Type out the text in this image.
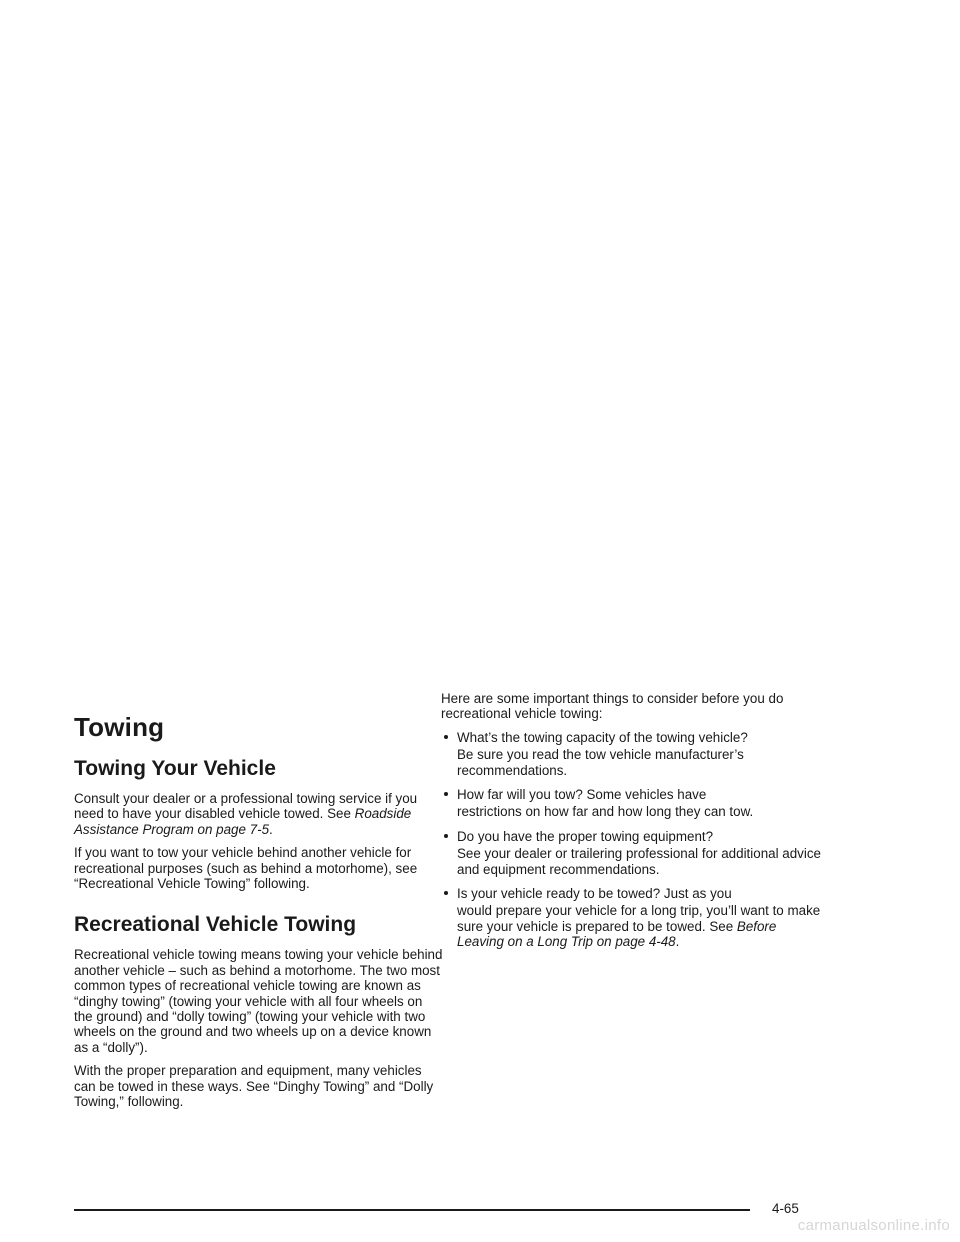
Towing
Towing Your Vehicle

Consult your dealer or a professional towing service if you need to have your disabled vehicle towed. See Roadside Assistance Program on page 7-5.

If you want to tow your vehicle behind another vehicle for recreational purposes (such as behind a motorhome), see “Recreational Vehicle Towing” following.

Recreational Vehicle Towing

Recreational vehicle towing means towing your vehicle behind another vehicle – such as behind a motorhome. The two most common types of recreational vehicle towing are known as “dinghy towing” (towing your vehicle with all four wheels on the ground) and “dolly towing” (towing your vehicle with two wheels on the ground and two wheels up on a device known as a “dolly”).

With the proper preparation and equipment, many vehicles can be towed in these ways. See “Dinghy Towing” and “Dolly Towing,” following.

Here are some important things to consider before you do recreational vehicle towing:

What’s the towing capacity of the towing vehicle?

Be sure you read the tow vehicle manufacturer’s recommendations.

How far will you tow? Some vehicles have

restrictions on how far and how long they can tow.

Do you have the proper towing equipment?

See your dealer or trailering professional for additional advice and equipment recommendations.

Is your vehicle ready to be towed? Just as you

would prepare your vehicle for a long trip, you’ll want to make sure your vehicle is prepared to be towed. See Before Leaving on a Long Trip on page 4-48.

4-65
carmanualsonline.info
